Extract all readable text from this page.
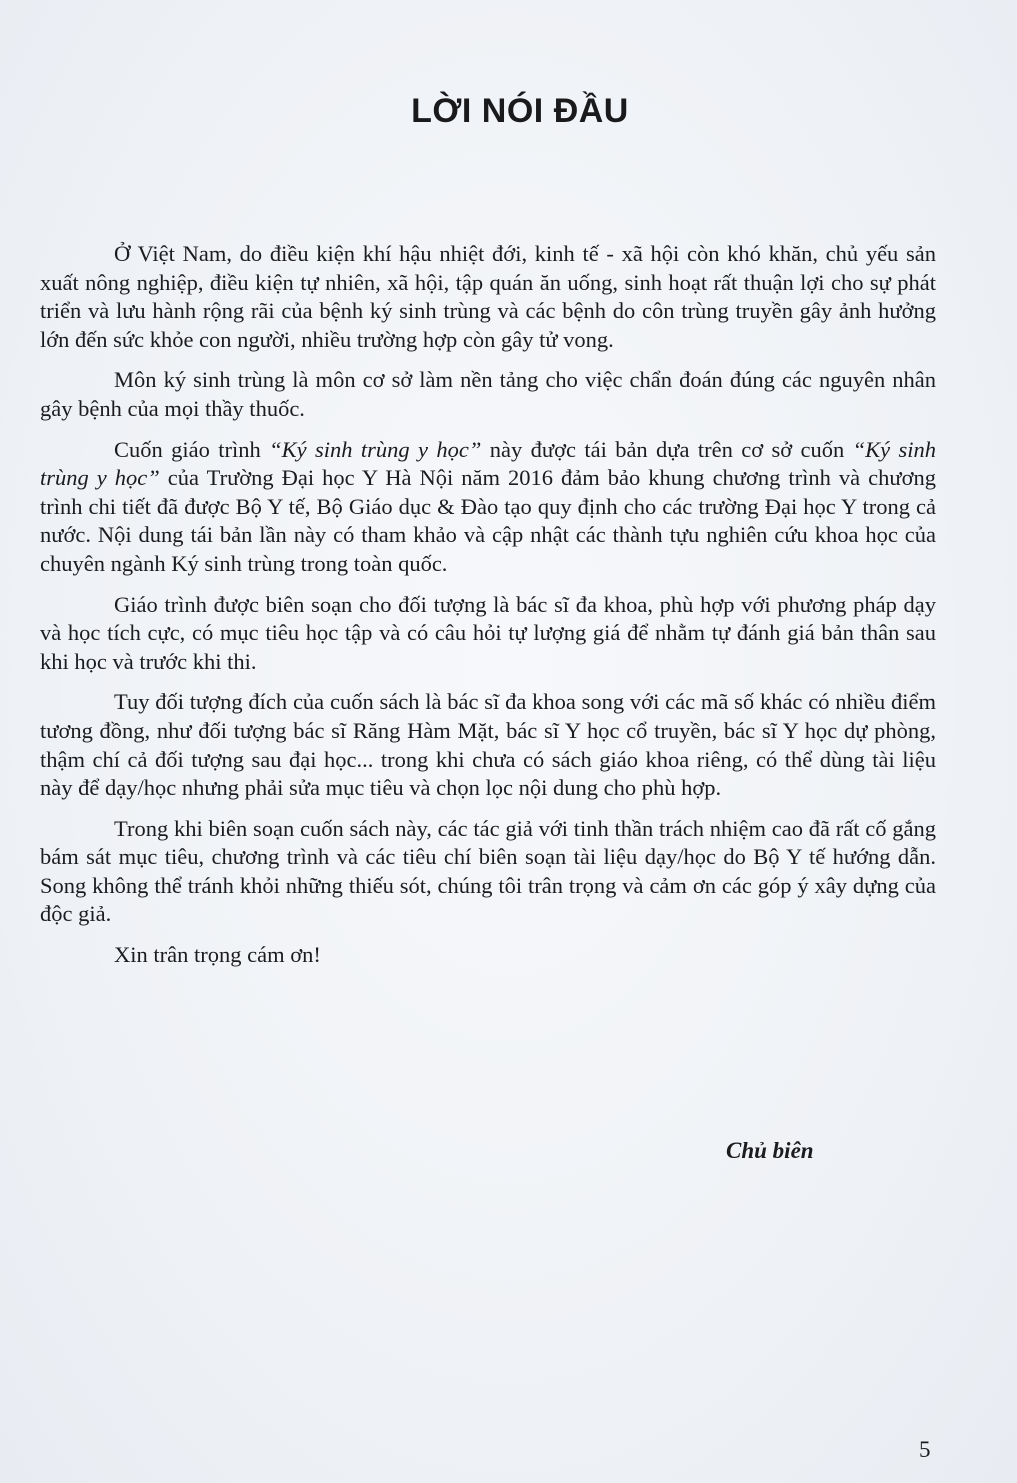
LỜI NÓI ĐẦU

Ở Việt Nam, do điều kiện khí hậu nhiệt đới, kinh tế - xã hội còn khó khăn, chủ yếu sản xuất nông nghiệp, điều kiện tự nhiên, xã hội, tập quán ăn uống, sinh hoạt rất thuận lợi cho sự phát triển và lưu hành rộng rãi của bệnh ký sinh trùng và các bệnh do côn trùng truyền gây ảnh hưởng lớn đến sức khỏe con người, nhiều trường hợp còn gây tử vong.

Môn ký sinh trùng là môn cơ sở làm nền tảng cho việc chẩn đoán đúng các nguyên nhân gây bệnh của mọi thầy thuốc.

Cuốn giáo trình “Ký sinh trùng y học” này được tái bản dựa trên cơ sở cuốn “Ký sinh trùng y học” của Trường Đại học Y Hà Nội năm 2016 đảm bảo khung chương trình và chương trình chi tiết đã được Bộ Y tế, Bộ Giáo dục & Đào tạo quy định cho các trường Đại học Y trong cả nước. Nội dung tái bản lần này có tham khảo và cập nhật các thành tựu nghiên cứu khoa học của chuyên ngành Ký sinh trùng trong toàn quốc.

Giáo trình được biên soạn cho đối tượng là bác sĩ đa khoa, phù hợp với phương pháp dạy và học tích cực, có mục tiêu học tập và có câu hỏi tự lượng giá để nhằm tự đánh giá bản thân sau khi học và trước khi thi.

Tuy đối tượng đích của cuốn sách là bác sĩ đa khoa song với các mã số khác có nhiều điểm tương đồng, như đối tượng bác sĩ Răng Hàm Mặt, bác sĩ Y học cổ truyền, bác sĩ Y học dự phòng, thậm chí cả đối tượng sau đại học... trong khi chưa có sách giáo khoa riêng, có thể dùng tài liệu này để dạy/học nhưng phải sửa mục tiêu và chọn lọc nội dung cho phù hợp.

Trong khi biên soạn cuốn sách này, các tác giả với tinh thần trách nhiệm cao đã rất cố gắng bám sát mục tiêu, chương trình và các tiêu chí biên soạn tài liệu dạy/học do Bộ Y tế hướng dẫn. Song không thể tránh khỏi những thiếu sót, chúng tôi trân trọng và cảm ơn các góp ý xây dựng của độc giả.

Xin trân trọng cám ơn!

Chủ biên

5
